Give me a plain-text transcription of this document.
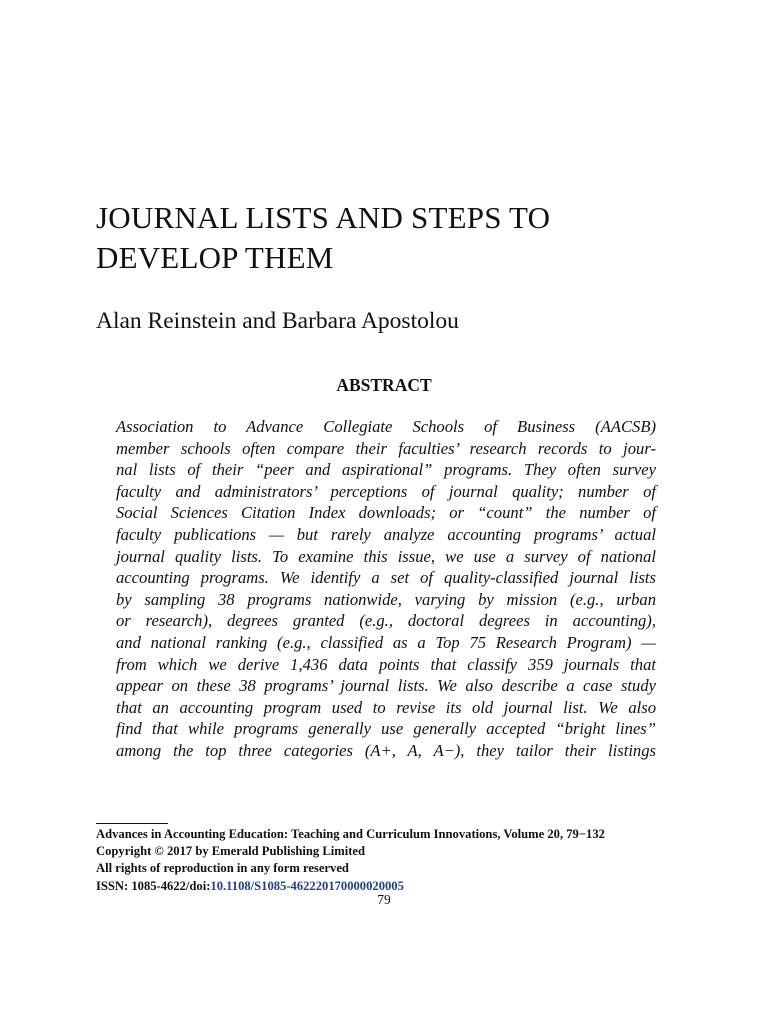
JOURNAL LISTS AND STEPS TO
DEVELOP THEM

Alan Reinstein and Barbara Apostolou

ABSTRACT
Association to Advance Collegiate Schools of Business (AACSB)
member schools often compare their faculties’ research records to jour-
nal lists of their “peer and aspirational” programs. They often survey
faculty and administrators’ perceptions of journal quality; number of
Social Sciences Citation Index downloads; or “count” the number of
faculty publications — but rarely analyze accounting programs’ actual
journal quality lists. To examine this issue, we use a survey of national
accounting programs. We identify a set of quality-classified journal lists
by sampling 38 programs nationwide, varying by mission (e.g., urban
or research), degrees granted (e.g., doctoral degrees in accounting),
and national ranking (e.g., classified as a Top 75 Research Program) —
from which we derive 1,436 data points that classify 359 journals that
appear on these 38 programs’ journal lists. We also describe a case study
that an accounting program used to revise its old journal list. We also
find that while programs generally use generally accepted “bright lines”
among the top three categories (A+, A, A−), they tailor their listings
Advances in Accounting Education: Teaching and Curriculum Innovations, Volume 20, 79−132
Copyright © 2017 by Emerald Publishing Limited
All rights of reproduction in any form reserved
ISSN: 1085-4622/doi:10.1108/S1085-462220170000020005
79
